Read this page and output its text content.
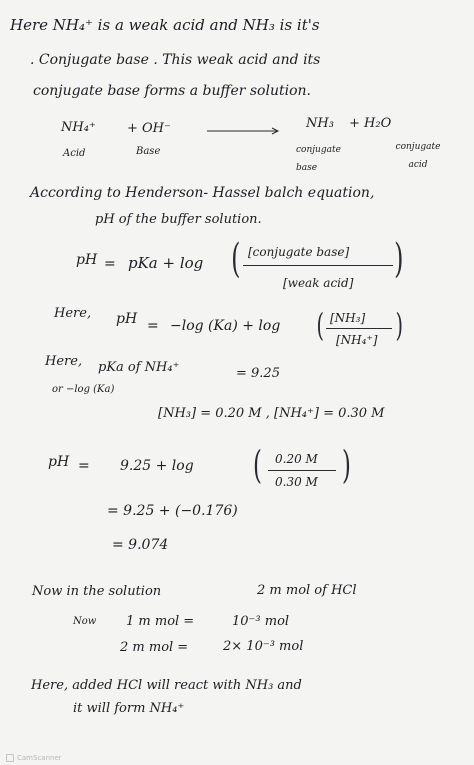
Here NH₄⁺ is a weak acid and NH₃ is it's
. Conjugate base . This weak acid and its
conjugate base forms a buffer solution.
NH₄⁺ + OH⁻	NH₃ + H₂O
Acid	Base	conjugate base
conjugate acid
According to Henderson- Hassel balch equation,
pH of the buffer solution.
pH = pKa + log ( [conjugate base]
[weak acid]
)
Here, pH = −log (Ka) + log ( [NH₃]
[NH₄⁺] )
Here, pKa of NH₄⁺	= 9.25
or −log (Ka)
[NH₃] = 0.20 M , [NH₄⁺] = 0.30 M
pH = 9.25 + log ( 0.20 M
0.30 M )
= 9.25 + (−0.176)
= 9.074
Now in the solution	2 m mol of HCl
Now 1 m mol =	10⁻³ mol
2 m mol =	2× 10⁻³ mol
Here, added HCl will react with NH₃ and
it will form NH₄⁺
CamScanner
